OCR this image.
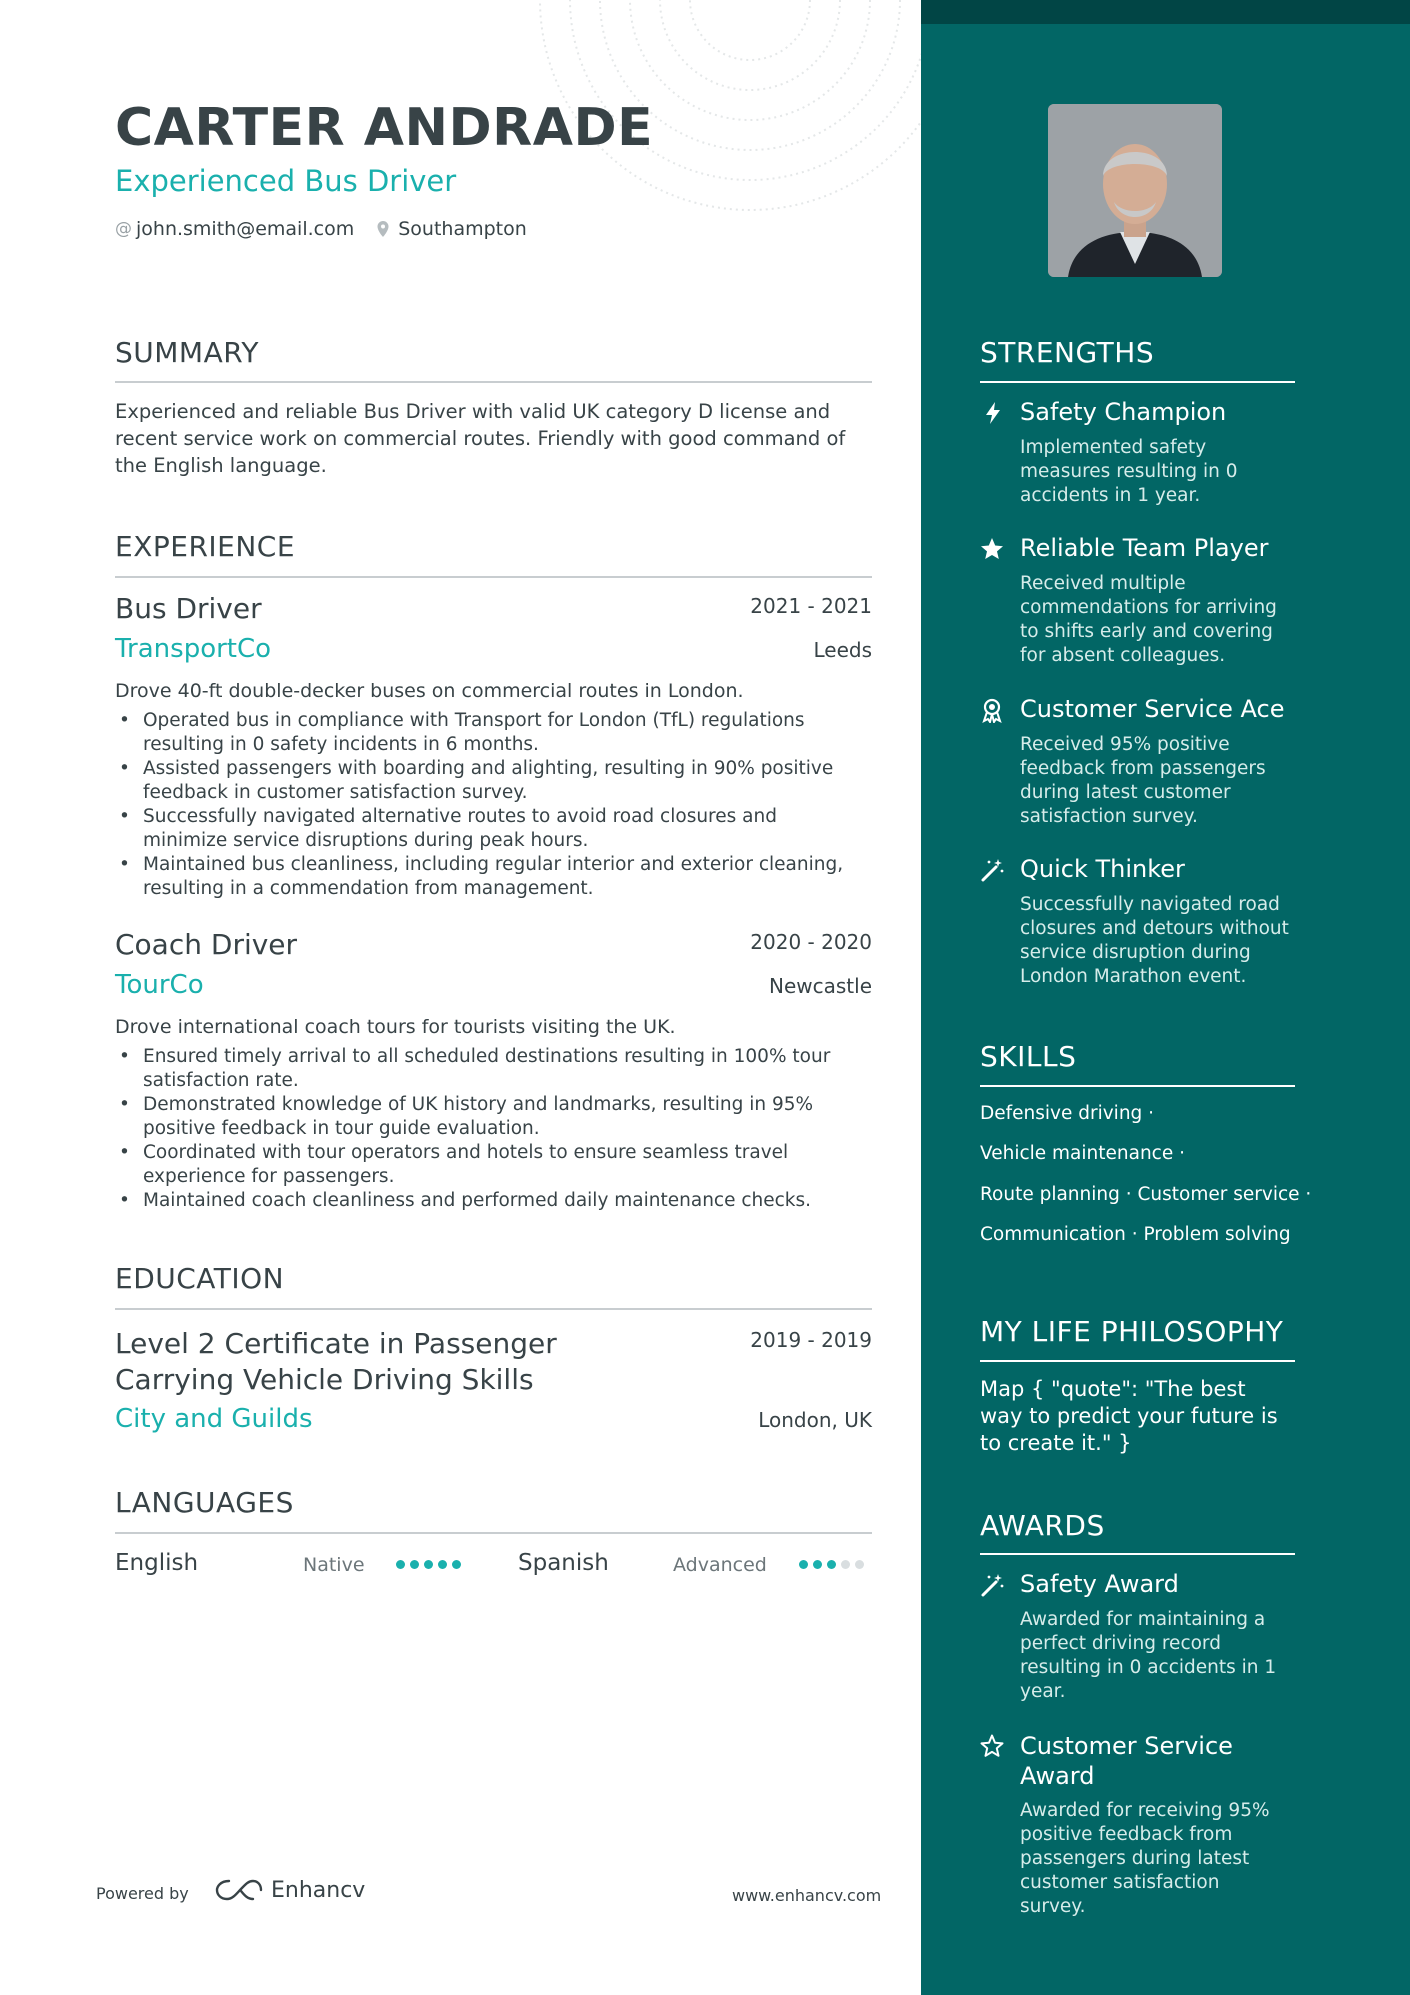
CARTER ANDRADE
Experienced Bus Driver
@ john.smith@email.com Southampton
SUMMARY
Experienced and reliable Bus Driver with valid UK category D license and recent service work on commercial routes. Friendly with good command of the English language.
EXPERIENCE
Bus Driver	2021 - 2021
TransportCo	Leeds
Drove 40-ft double-decker buses on commercial routes in London.
• Operated bus in compliance with Transport for London (TfL) regulations resulting in 0 safety incidents in 6 months.
• Assisted passengers with boarding and alighting, resulting in 90% positive feedback in customer satisfaction survey.
• Successfully navigated alternative routes to avoid road closures and minimize service disruptions during peak hours.
• Maintained bus cleanliness, including regular interior and exterior cleaning, resulting in a commendation from management.
Coach Driver	2020 - 2020
TourCo	Newcastle
Drove international coach tours for tourists visiting the UK.
• Ensured timely arrival to all scheduled destinations resulting in 100% tour satisfaction rate.
• Demonstrated knowledge of UK history and landmarks, resulting in 95% positive feedback in tour guide evaluation.
• Coordinated with tour operators and hotels to ensure seamless travel experience for passengers.
• Maintained coach cleanliness and performed daily maintenance checks.
EDUCATION
Level 2 Certificate in Passenger
Carrying Vehicle Driving Skills
2019 - 2019
City and Guilds	London, UK
LANGUAGES
English	Native	Spanish	Advanced
Powered by	Enhancv	www.enhancv.com
STRENGTHS
Safety Champion
Implemented safety measures resulting in 0 accidents in 1 year.
Reliable Team Player
Received multiple commendations for arriving to shifts early and covering for absent colleagues.
Customer Service Ace
Received 95% positive feedback from passengers during latest customer satisfaction survey.
Quick Thinker
Successfully navigated road closures and detours without service disruption during London Marathon event.
SKILLS
Defensive driving ·
Vehicle maintenance ·
Route planning · Customer service ·
Communication · Problem solving
MY LIFE PHILOSOPHY
Map { "quote": "The best way to predict your future is to create it." }
AWARDS
Safety Award
Awarded for maintaining a perfect driving record resulting in 0 accidents in 1 year.
Customer Service Award
Awarded for receiving 95% positive feedback from passengers during latest customer satisfaction survey.
